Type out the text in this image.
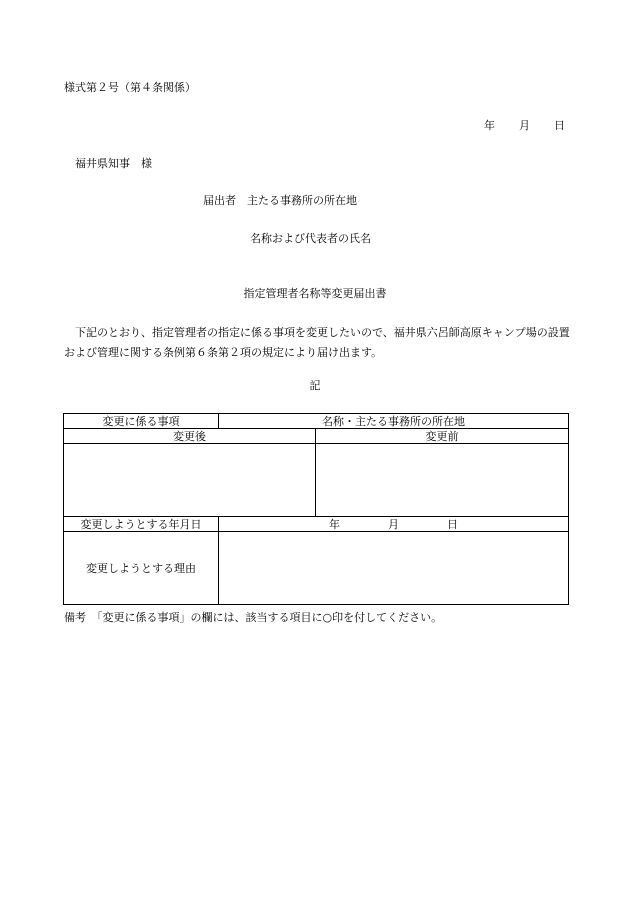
様式第２号（第４条関係）
年 月 日
福井県知事　様
届出者　主たる事務所の所在地
名称および代表者の氏名
指定管理者名称等変更届出書
下記のとおり、指定管理者の指定に係る事項を変更したいので、福井県六呂師高原キャンプ場の設置および管理に関する条例第６条第２項の規定により届け出ます。
記
変更に係る事項	名称・主たる事務所の所在地	
変更後		変更前

変更しようとする年月日	年 月 日	
変更しようとする理由		
備考　「変更に係る事項」の欄には、該当する項目に○印を付してください。
